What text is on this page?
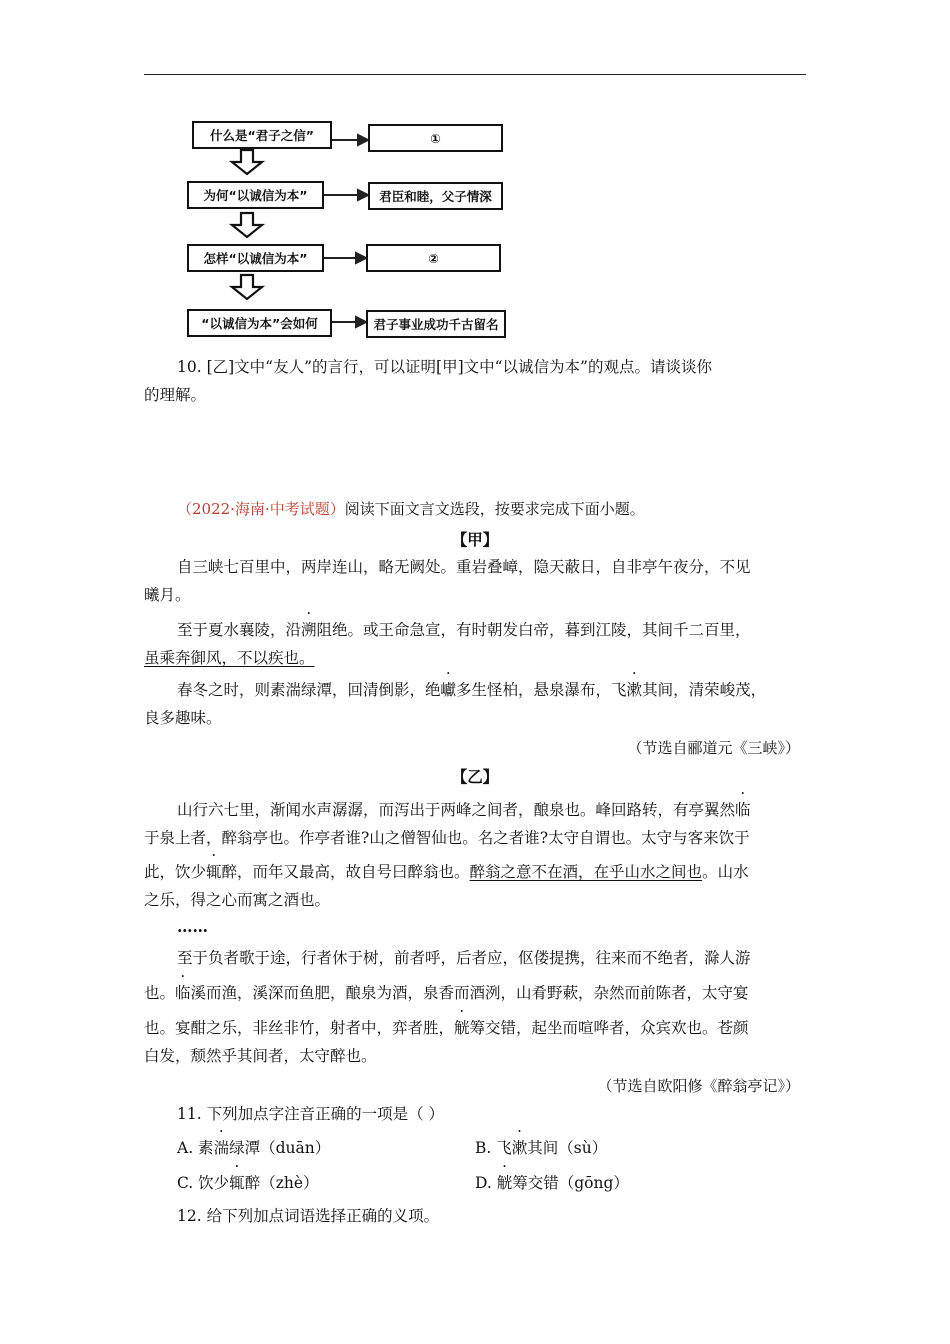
什么是“君子之信”	①
为何“以诚信为本”	君臣和睦，父子情深
怎样“以诚信为本”	②
“以诚信为本”会如何	君子事业成功千古留名
10. [乙]文中“友人”的言行，可以证明[甲]文中“以诚信为本”的观点。请谈谈你
的理解。
（2022·海南·中考试题）阅读下面文言文选段，按要求完成下面小题。
【甲】
自三峡七百里中，两岸连山，略无阙处。重岩叠嶂，隐天蔽日，自非亭午夜分，不见
曦月。
至于夏水襄陵，沿溯阻绝。或王命急宣，有时朝发白帝，暮到江陵，其间千二百里，
虽乘奔御风，不以疾也。
春冬之时，则素湍绿潭，回清倒影，绝巘多生怪柏，悬泉瀑布，飞漱其间，清荣峻茂，
良多趣味。
（节选自郦道元《三峡》）
【乙】
山行六七里，渐闻水声潺潺，而泻出于两峰之间者，酿泉也。峰回路转，有亭翼然临
于泉上者，醉翁亭也。作亭者谁?山之僧智仙也。名之者谁?太守自谓也。太守与客来饮于
此，饮少辄醉，而年又最高，故自号曰醉翁也。醉翁之意不在酒，在乎山水之间也。山水
之乐，得之心而寓之酒也。
……
至于负者歌于途，行者休于树，前者呼，后者应，伛偻提携，往来而不绝者，滁人游
也。临溪而渔，溪深而鱼肥，酿泉为酒，泉香而酒洌，山肴野蔌，杂然而前陈者，太守宴
也。宴酣之乐，非丝非竹，射者中，弈者胜，觥筹交错，起坐而喧哗者，众宾欢也。苍颜
白发，颓然乎其间者，太守醉也。
（节选自欧阳修《醉翁亭记》）
11. 下列加点字注音正确的一项是（ ）
A. 素湍绿潭（duān）	B. 飞漱其间（sù）
C. 饮少辄醉（zhè）	D. 觥筹交错（gōng）
12. 给下列加点词语选择正确的义项。
